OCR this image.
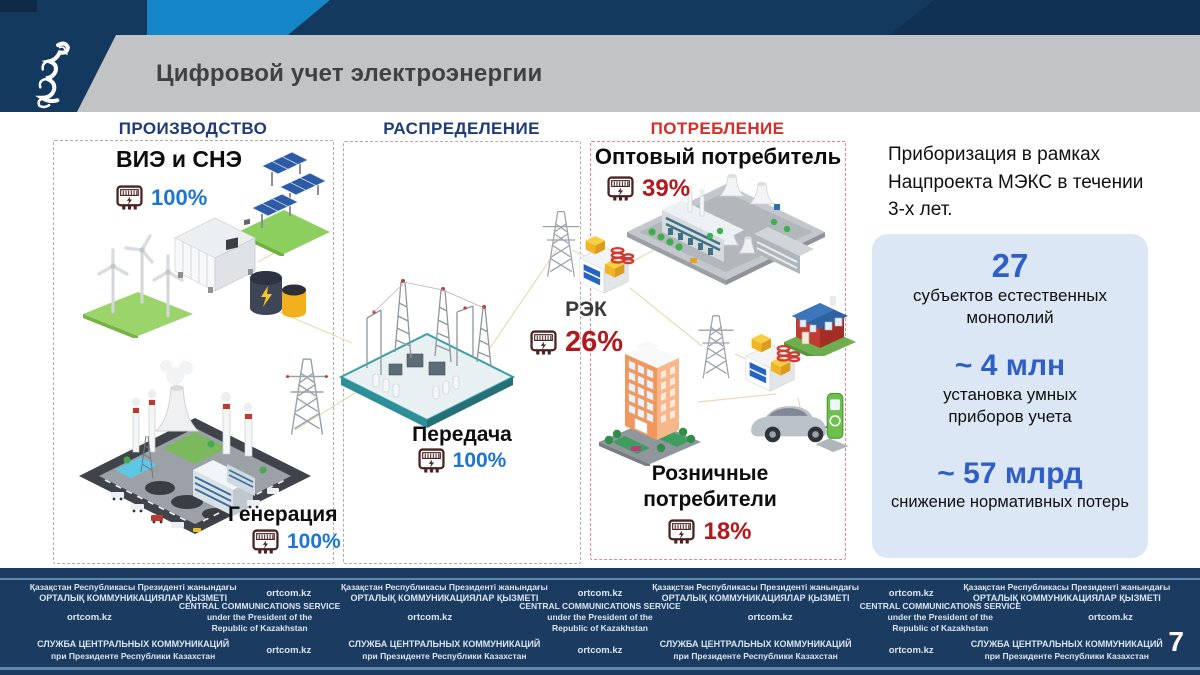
Цифровой учет электроэнергии
ПРОИЗВОДСТВО	РАСПРЕДЕЛЕНИЕ	ПОТРЕБЛЕНИЕ
ВИЭ и СНЭ
100%
Генерация
100%
Передача
100%
РЭК
26%
Оптовый потребитель
39%
Розничные потребители
18%
Приборизация в рамках Нацпроекта МЭКС в течении 3-х лет.
27
субъектов естественных монополий
~ 4 млн
установка умных приборов учета
~ 57 млрд
снижение нормативных потерь
Қазақстан Республикасы Президенті жанындағы
ОРТАЛЫҚ КОММУНИКАЦИЯЛАР ҚЫЗМЕТІ	ortcom.kz
Қазақстан Республикасы Президенті жанындағы
ОРТАЛЫҚ КОММУНИКАЦИЯЛАР ҚЫЗМЕТІ	ortcom.kz
Қазақстан Республикасы Президенті жанындағы
ОРТАЛЫҚ КОММУНИКАЦИЯЛАР ҚЫЗМЕТІ	ortcom.kz
Қазақстан Республикасы Президенті жанындағы
ОРТАЛЫҚ КОММУНИКАЦИЯЛАР ҚЫЗМЕТІ
ortcom.kz
CENTRAL COMMUNICATIONS SERVICE
under the President of the
Republic of Kazakhstan
ortcom.kz
CENTRAL COMMUNICATIONS SERVICE
under the President of the
Republic of Kazakhstan
ortcom.kz
CENTRAL COMMUNICATIONS SERVICE
under the President of the
Republic of Kazakhstan
ortcom.kz
СЛУЖБА ЦЕНТРАЛЬНЫХ КОММУНИКАЦИЙ
при Президенте Республики Казахстан	ortcom.kz
СЛУЖБА ЦЕНТРАЛЬНЫХ КОММУНИКАЦИЙ
при Президенте Республики Казахстан	ortcom.kz
СЛУЖБА ЦЕНТРАЛЬНЫХ КОММУНИКАЦИЙ
при Президенте Республики Казахстан	ortcom.kz
СЛУЖБА ЦЕНТРАЛЬНЫХ КОММУНИКАЦИЙ
при Президенте Республики Казахстан 7
